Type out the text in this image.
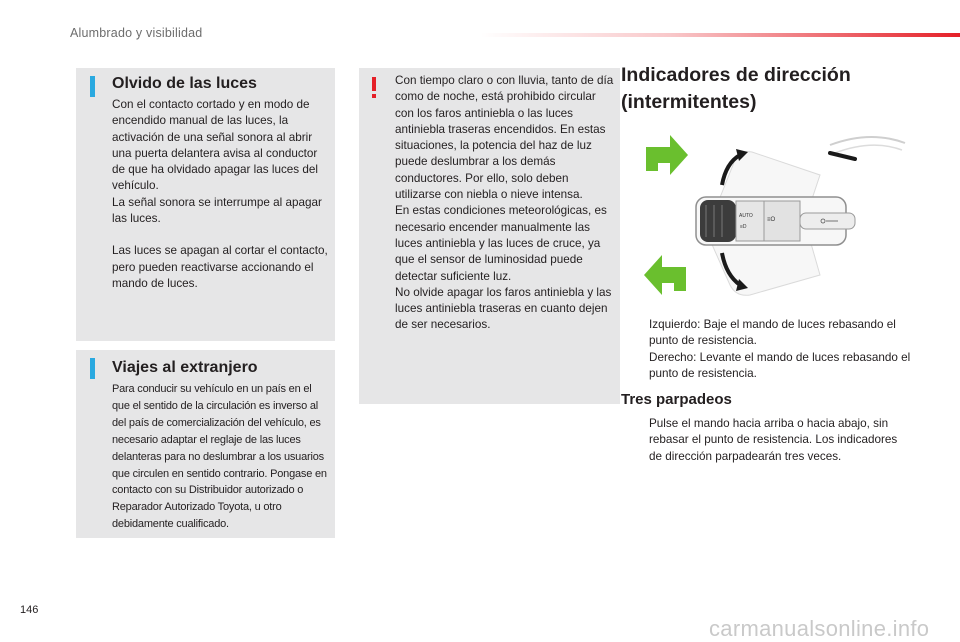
Alumbrado y visibilidad
Olvido de las luces

Con el contacto cortado y en modo de encendido manual de las luces, la activación de una señal sonora al abrir una puerta delantera avisa al conductor de que ha olvidado apagar las luces del vehículo.

La señal sonora se interrumpe al apagar las luces.

Las luces se apagan al cortar el contacto, pero pueden reactivarse accionando el mando de luces.

Viajes al extranjero

Para conducir su vehículo en un país en el que el sentido de la circulación es inverso al del país de comercialización del vehículo, es necesario adaptar el reglaje de las luces delanteras para no deslumbrar a los usuarios que circulen en sentido contrario. Pongase en contacto con su Distribuidor autorizado o Reparador Autorizado Toyota, u otro debidamente cualificado.

Con tiempo claro o con lluvia, tanto de día como de noche, está prohibido circular con los faros antiniebla o las luces antiniebla traseras encendidos. En estas situaciones, la potencia del haz de luz puede deslumbrar a los demás conductores. Por ello, solo deben utilizarse con niebla o nieve intensa.

En estas condiciones meteorológicas, es necesario encender manualmente las luces antiniebla y las luces de cruce, ya que el sensor de luminosidad puede detectar suficiente luz.

No olvide apagar los faros antiniebla y las luces antiniebla traseras en cuanto dejen de ser necesarios.

Indicadores de dirección
(intermitentes)
AUTO
≡D
≡O

Izquierdo: Baje el mando de luces rebasando el punto de resistencia.

Derecho: Levante el mando de luces rebasando el punto de resistencia.

Tres parpadeos

Pulse el mando hacia arriba o hacia abajo, sin rebasar el punto de resistencia. Los indicadores de dirección parpadearán tres veces.

146
carmanualsonline.info
